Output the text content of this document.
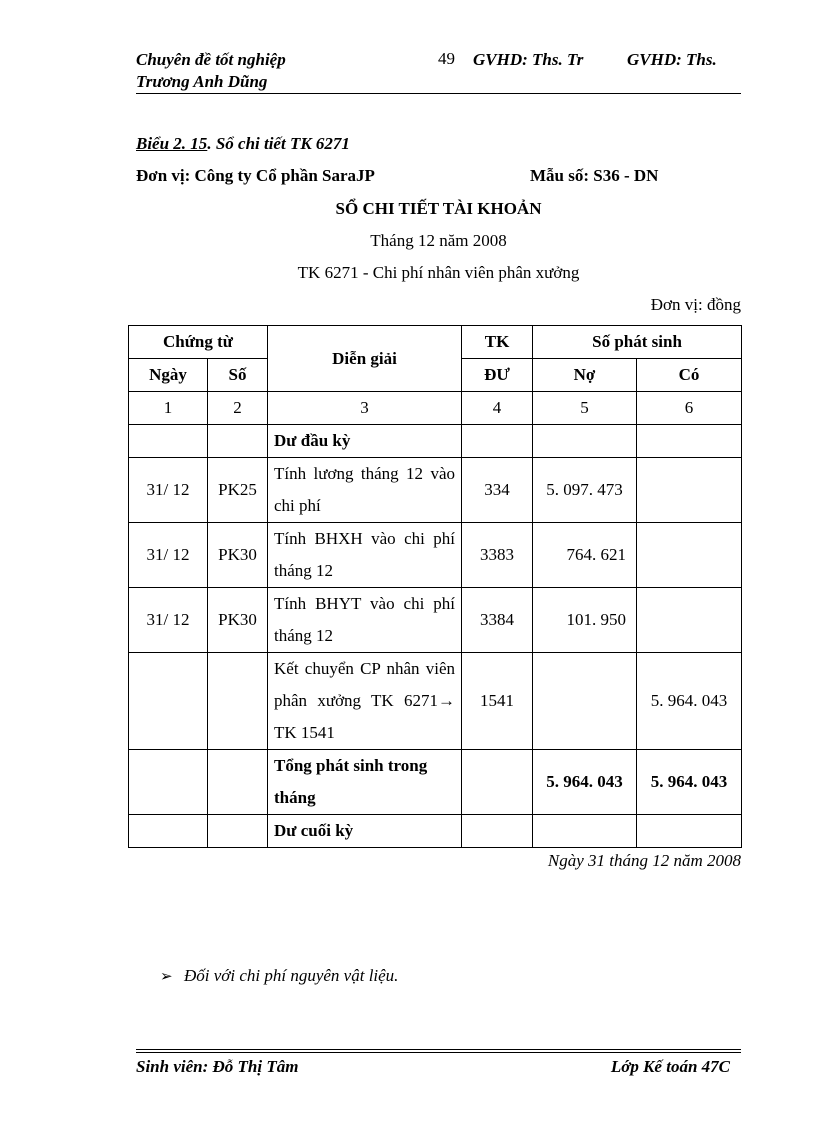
Chuyên đề tốt nghiệp
Trương Anh Dũng
49 GVHD: Ths. Tr	GVHD: Ths.
Biểu 2. 15. Sổ chi tiết TK 6271
Đơn vị: Công ty Cổ phần SaraJP	Mẫu số: S36 - DN
SỔ CHI TIẾT TÀI KHOẢN
Tháng 12 năm 2008
TK 6271 - Chi phí nhân viên phân xưởng
Đơn vị: đồng
Chứng từ		Diễn giải	TK	Số phát sinh	
Ngày	Số		ĐƯ	Nợ	Có
1	2	3	4	5	6
		Dư đầu kỳ			
31/ 12	PK25	Tính lương tháng 12 vào chi phí	334	5. 097. 473	
31/ 12	PK30	Tính BHXH vào chi phí tháng 12	3383	764. 621	
31/ 12	PK30	Tính BHYT vào chi phí tháng 12	3384	101. 950	
		Kết chuyển CP nhân viên phân xưởng TK 6271→ TK 1541	1541		5. 964. 043
		Tổng phát sinh trong tháng		5. 964. 043	5. 964. 043
		Dư cuối kỳ			
Ngày 31 tháng 12 năm 2008
➢ Đối với chi phí nguyên vật liệu.
Sinh viên: Đỗ Thị Tâm	Lớp Kế toán 47C
